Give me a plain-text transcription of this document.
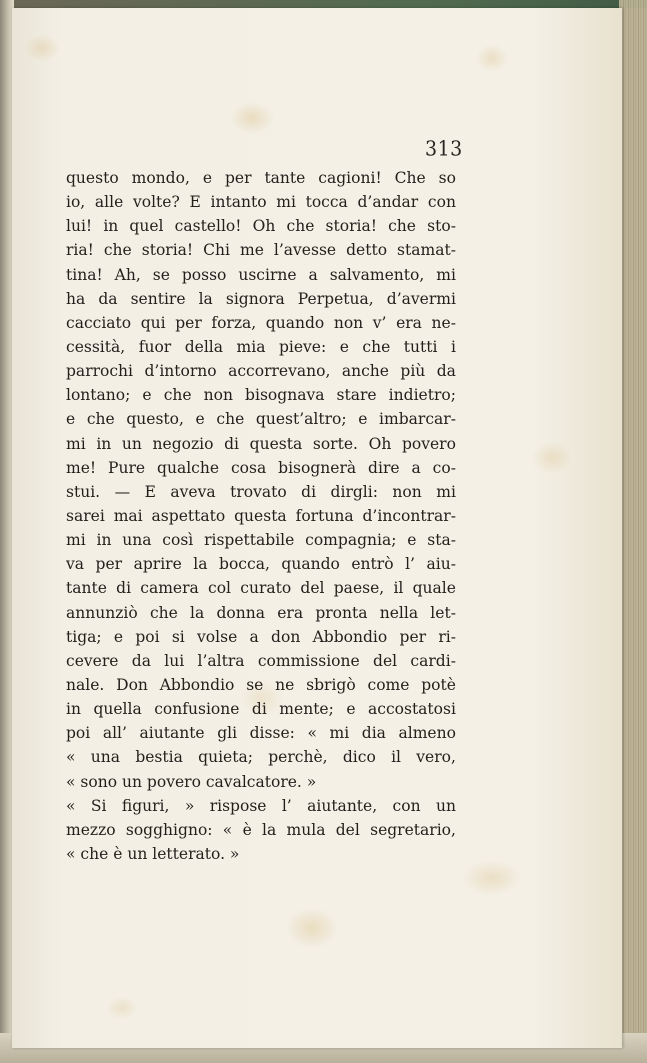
313
questo mondo, e per tante cagioni! Che so
io, alle volte? E intanto mi tocca d’andar con
lui! in quel castello! Oh che storia! che sto-
ria! che storia! Chi me l’avesse detto stamat-
tina! Ah, se posso uscirne a salvamento, mi
ha da sentire la signora Perpetua, d’avermi
cacciato qui per forza, quando non v’ era ne-
cessità, fuor della mia pieve: e che tutti i
parrochi d’intorno accorrevano, anche più da
lontano; e che non bisognava stare indietro;
e che questo, e che quest’altro; e imbarcar-
mi in un negozio di questa sorte. Oh povero
me! Pure qualche cosa bisognerà dire a co-
stui. — E aveva trovato di dirgli: non mi
sarei mai aspettato questa fortuna d’incontrar-
mi in una così rispettabile compagnia; e sta-
va per aprire la bocca, quando entrò l’ aiu-
tante di camera col curato del paese, il quale
annunziò che la donna era pronta nella let-
tiga; e poi si volse a don Abbondio per ri-
cevere da lui l’altra commissione del cardi-
nale. Don Abbondio se ne sbrigò come potè
in quella confusione di mente; e accostatosi
poi all’ aiutante gli disse: « mi dia almeno
« una bestia quieta; perchè, dico il vero,
« sono un povero cavalcatore. »
« Si figuri, » rispose l’ aiutante, con un
mezzo sogghigno: « è la mula del segretario,
« che è un letterato. »
